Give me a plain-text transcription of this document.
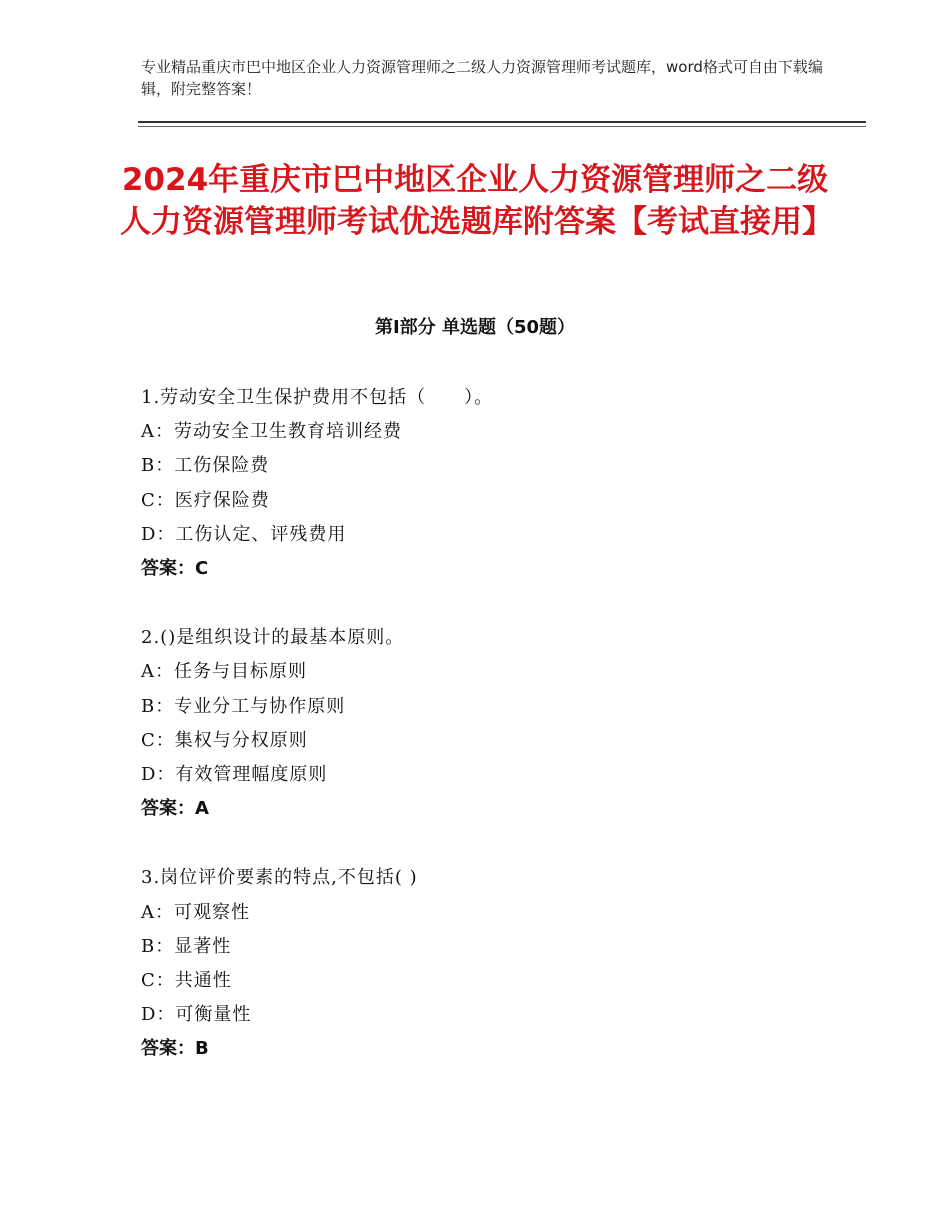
专业精品重庆市巴中地区企业人力资源管理师之二级人力资源管理师考试题库，word格式可自由下载编辑，附完整答案！
2024年重庆市巴中地区企业人力资源管理师之二级人力资源管理师考试优选题库附答案【考试直接用】
第Ⅰ部分 单选题（50题）
1.劳动安全卫生保护费用不包括（　　）。
A：劳动安全卫生教育培训经费
B：工伤保险费
C：医疗保险费
D：工伤认定、评残费用
答案：C
2.()是组织设计的最基本原则。
A：任务与目标原则
B：专业分工与协作原则
C：集权与分权原则
D：有效管理幅度原则
答案：A
3.岗位评价要素的特点,不包括( )
A：可观察性
B：显著性
C：共通性
D：可衡量性
答案：B
